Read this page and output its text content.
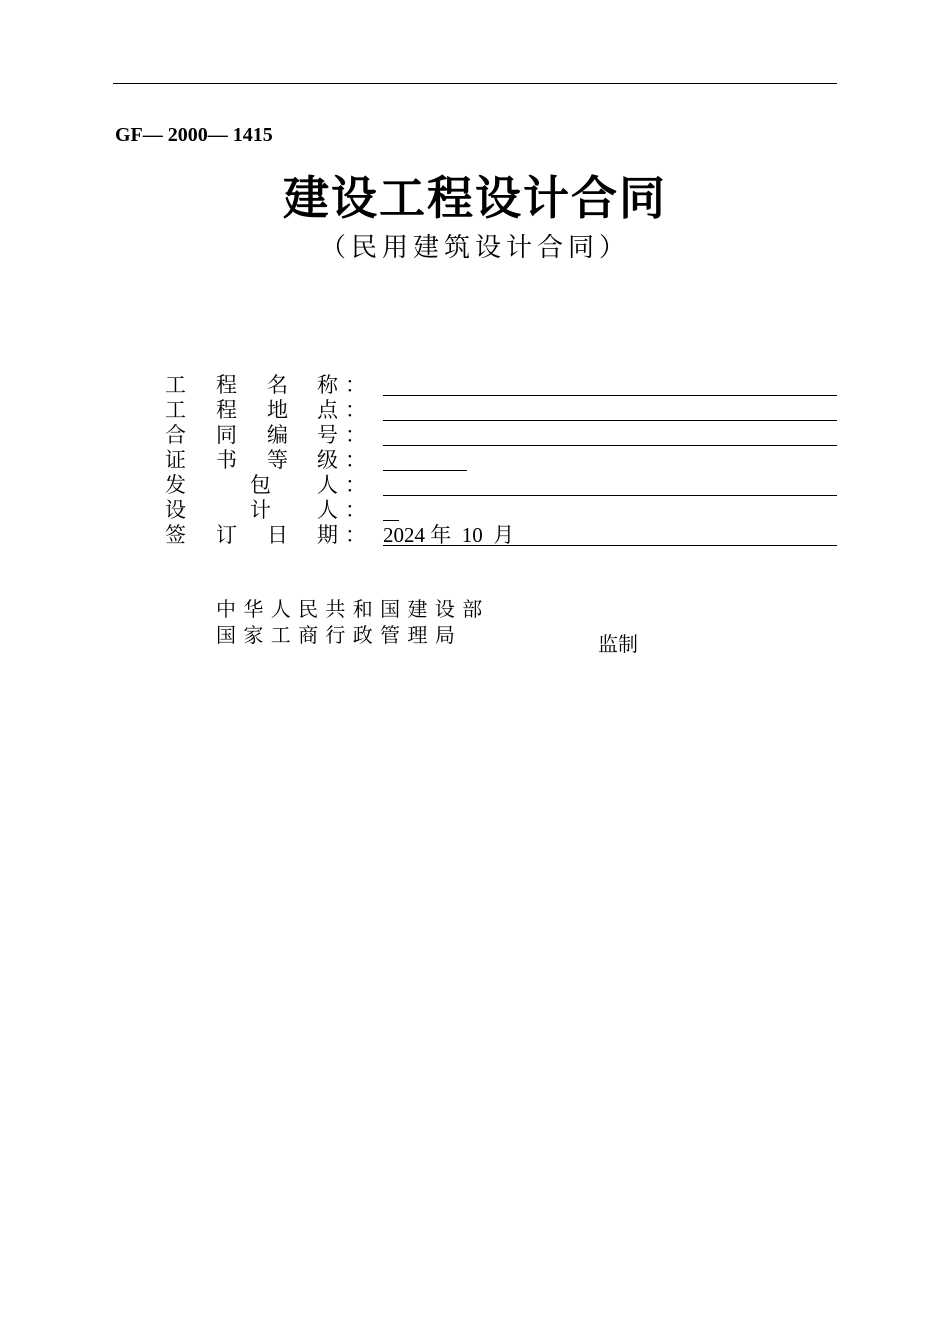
GF— 2000— 1415
建设工程设计合同
（民用建筑设计合同）
工 程 名 称 ：
工 程 地 点 ：
合 同 编 号 ：
证 书 等 级 ：
发	包 人 ：
设	计 人 ：
签 订 日 期 ： 2024 年  10  月
中 华 人 民 共 和 国 建 设 部
国 家 工 商 行 政 管 理 局	监制
